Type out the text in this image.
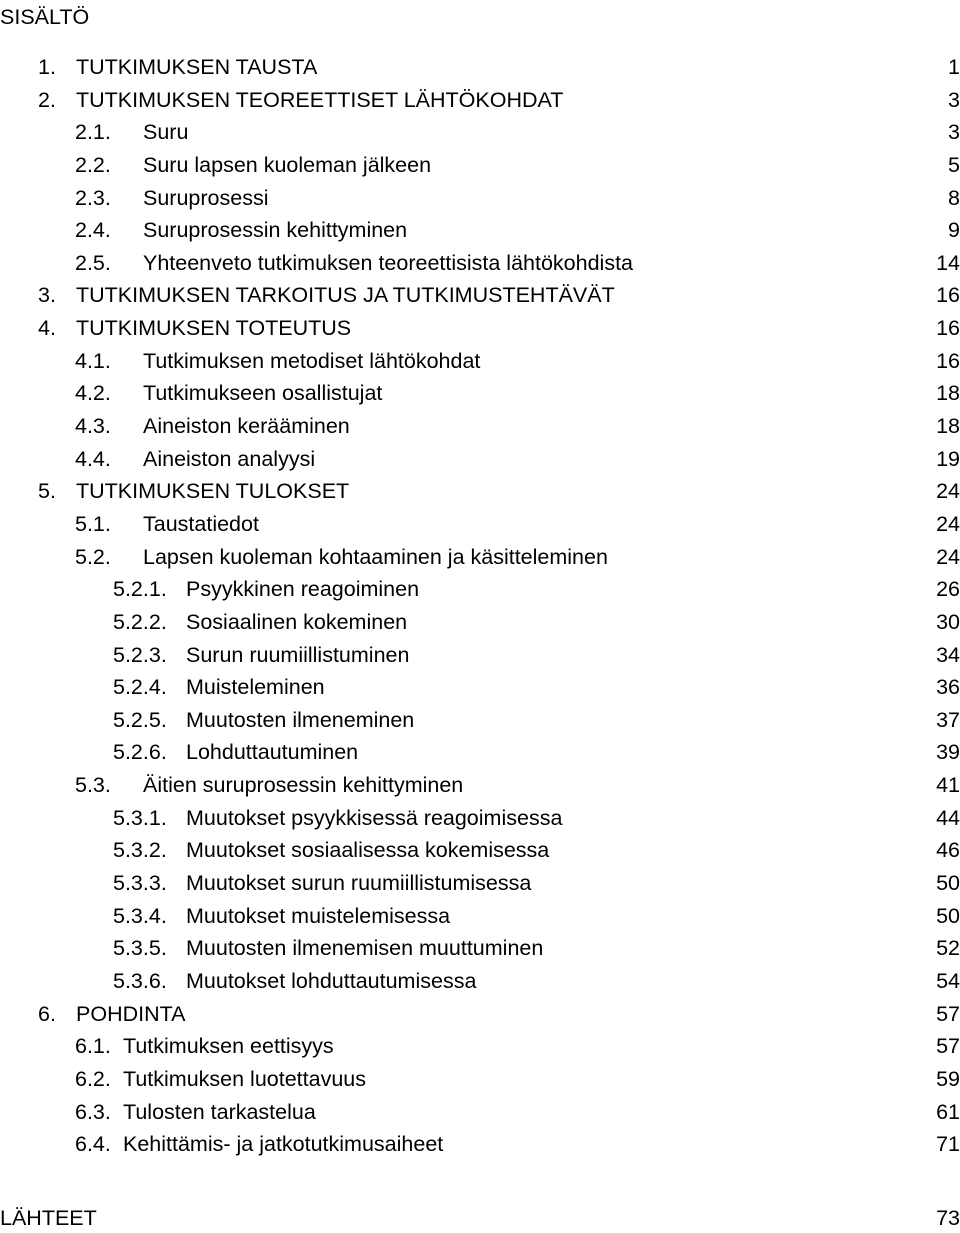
SISÄLTÖ
1. TUTKIMUKSEN TAUSTA	1
2. TUTKIMUKSEN TEOREETTISET LÄHTÖKOHDAT	3
2.1. Suru	3
2.2. Suru lapsen kuoleman jälkeen	5
2.3. Suruprosessi	8
2.4. Suruprosessin kehittyminen	9
2.5. Yhteenveto tutkimuksen teoreettisista lähtökohdista	14
3. TUTKIMUKSEN TARKOITUS JA TUTKIMUSTEHTÄVÄT	16
4. TUTKIMUKSEN TOTEUTUS	16
4.1. Tutkimuksen metodiset lähtökohdat	16
4.2. Tutkimukseen osallistujat	18
4.3. Aineiston kerääminen	18
4.4. Aineiston analyysi	19
5. TUTKIMUKSEN TULOKSET	24
5.1. Taustatiedot	24
5.2. Lapsen kuoleman kohtaaminen ja käsitteleminen	24
5.2.1. Psyykkinen reagoiminen	26
5.2.2. Sosiaalinen kokeminen	30
5.2.3. Surun ruumiillistuminen	34
5.2.4. Muisteleminen	36
5.2.5. Muutosten ilmeneminen	37
5.2.6. Lohduttautuminen	39
5.3. Äitien suruprosessin kehittyminen	41
5.3.1. Muutokset psyykkisessä reagoimisessa	44
5.3.2. Muutokset sosiaalisessa kokemisessa	46
5.3.3. Muutokset surun ruumiillistumisessa	50
5.3.4. Muutokset muistelemisessa	50
5.3.5. Muutosten ilmenemisen muuttuminen	52
5.3.6. Muutokset lohduttautumisessa	54
6. POHDINTA	57
6.1. Tutkimuksen eettisyys	57
6.2. Tutkimuksen luotettavuus	59
6.3. Tulosten tarkastelua	61
6.4. Kehittämis- ja jatkotutkimusaiheet	71
LÄHTEET	73
